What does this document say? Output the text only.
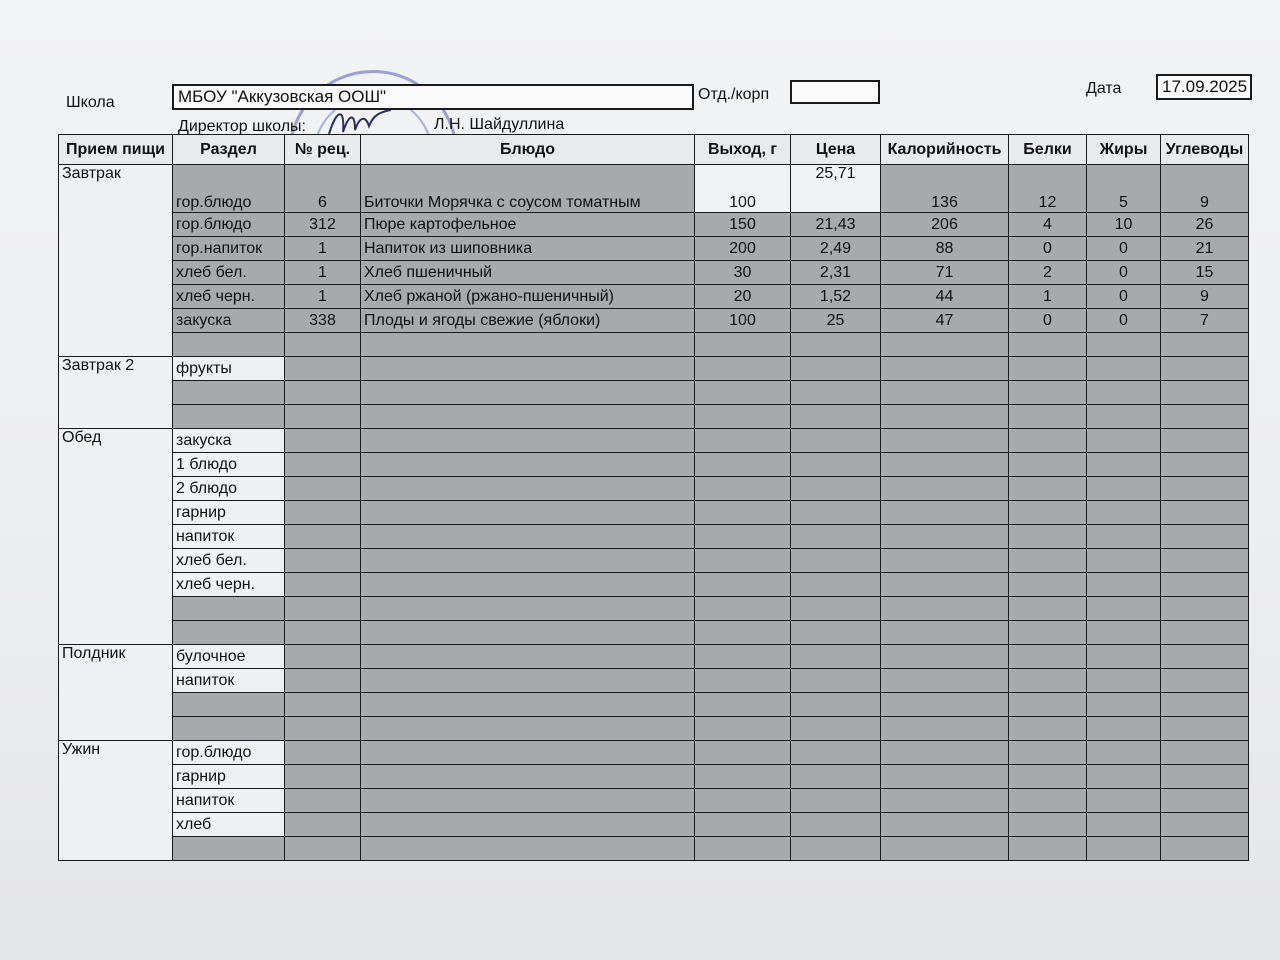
Школа	МБОУ "Аккузовская ООШ"	Отд./корп	Дата	17.09.2025
Директор школы:	Л.Н. Шайдуллина
Прием пищи	Раздел	№ рец.	Блюдо	Выход, г	Цена	Калорийность	Белки	Жиры	Углеводы
Завтрак	гор.блюдо	6	Биточки Морячка с соусом томатным	100	25,71	136	12	5	9
	гор.блюдо	312	Пюре картофельное	150	21,43	206	4	10	26
	гор.напиток	1	Напиток из шиповника	200	2,49	88	0	0	21
	хлеб бел.	1	Хлеб пшеничный	30	2,31	71	2	0	15
	хлеб черн.	1	Хлеб ржаной (ржано-пшеничный)	20	1,52	44	1	0	9
	закуска	338	Плоды и ягоды свежие (яблоки)	100	25	47	0	0	7

Завтрак 2	фрукты								

Обед	закуска								
	1 блюдо								
	2 блюдо								
	гарнир								
	напиток								
	хлеб бел.								
	хлеб черн.								

Полдник	булочное								
	напиток								

Ужин	гор.блюдо								
	гарнир								
	напиток								
	хлеб								
